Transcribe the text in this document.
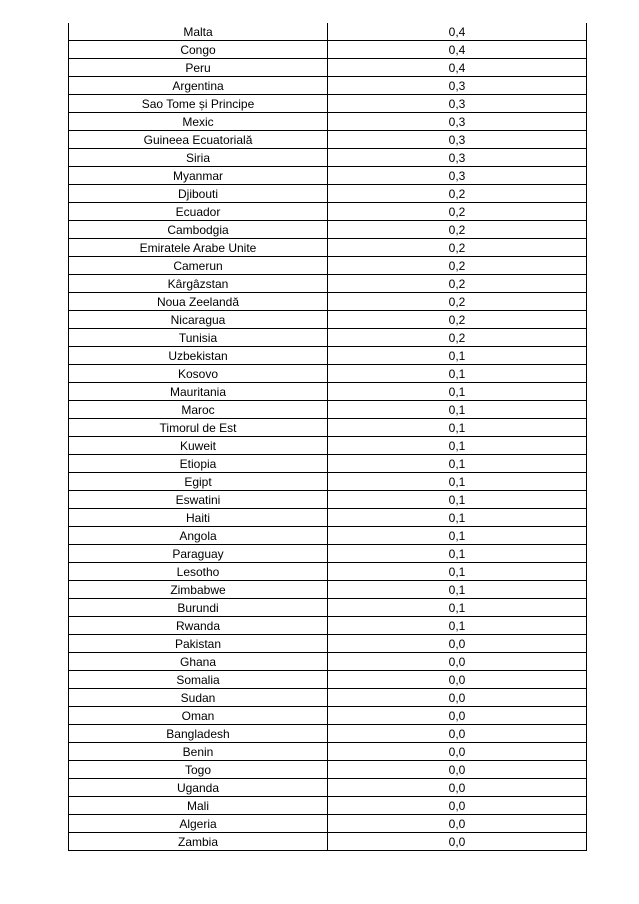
Malta	0,4
Congo	0,4
Peru	0,4
Argentina	0,3
Sao Tome și Principe	0,3
Mexic	0,3
Guineea Ecuatorială	0,3
Siria	0,3
Myanmar	0,3
Djibouti	0,2
Ecuador	0,2
Cambodgia	0,2
Emiratele Arabe Unite	0,2
Camerun	0,2
Kârgâzstan	0,2
Noua Zeelandă	0,2
Nicaragua	0,2
Tunisia	0,2
Uzbekistan	0,1
Kosovo	0,1
Mauritania	0,1
Maroc	0,1
Timorul de Est	0,1
Kuweit	0,1
Etiopia	0,1
Egipt	0,1
Eswatini	0,1
Haiti	0,1
Angola	0,1
Paraguay	0,1
Lesotho	0,1
Zimbabwe	0,1
Burundi	0,1
Rwanda	0,1
Pakistan	0,0
Ghana	0,0
Somalia	0,0
Sudan	0,0
Oman	0,0
Bangladesh	0,0
Benin	0,0
Togo	0,0
Uganda	0,0
Mali	0,0
Algeria	0,0
Zambia	0,0
